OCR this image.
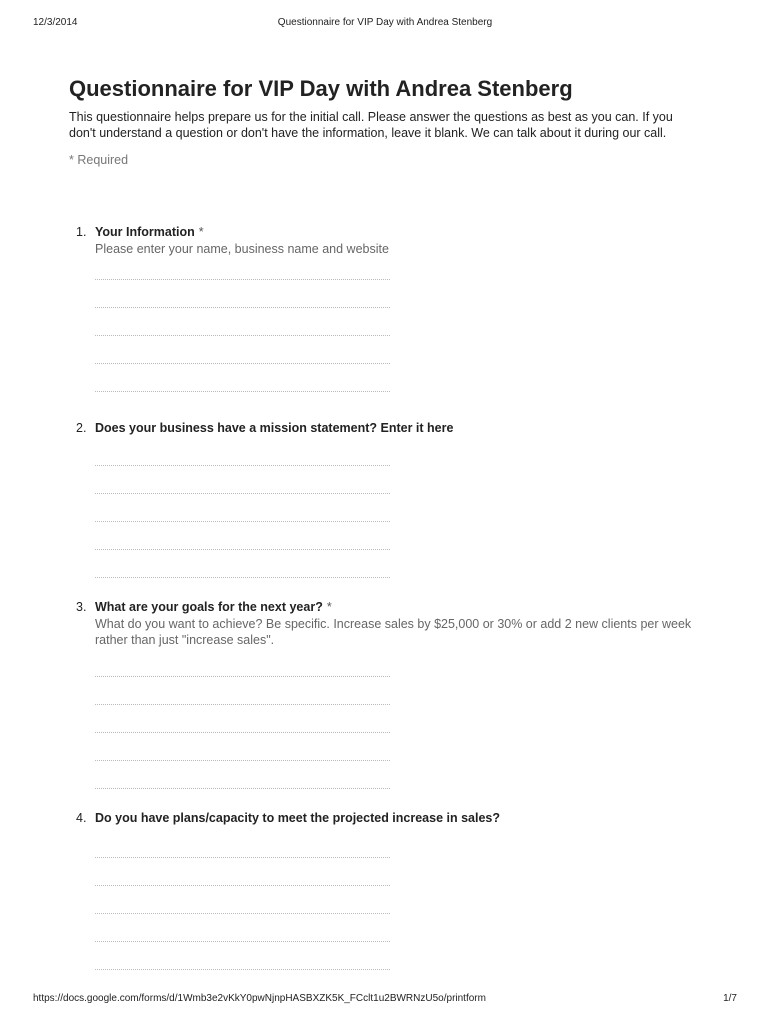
12/3/2014	Questionnaire for VIP Day with Andrea Stenberg
Questionnaire for VIP Day with Andrea Stenberg
This questionnaire helps prepare us for the initial call. Please answer the questions as best as you can. If you don't understand a question or don't have the information, leave it blank. We can talk about it during our call.
* Required
1. Your Information *
Please enter your name, business name and website
2. Does your business have a mission statement? Enter it here
3. What are your goals for the next year? *
What do you want to achieve? Be specific. Increase sales by $25,000 or 30% or add 2 new clients per week rather than just "increase sales".
4. Do you have plans/capacity to meet the projected increase in sales?
https://docs.google.com/forms/d/1Wmb3e2vKkY0pwNjnpHASBXZK5K_FCclt1u2BWRNzU5o/printform	1/7
